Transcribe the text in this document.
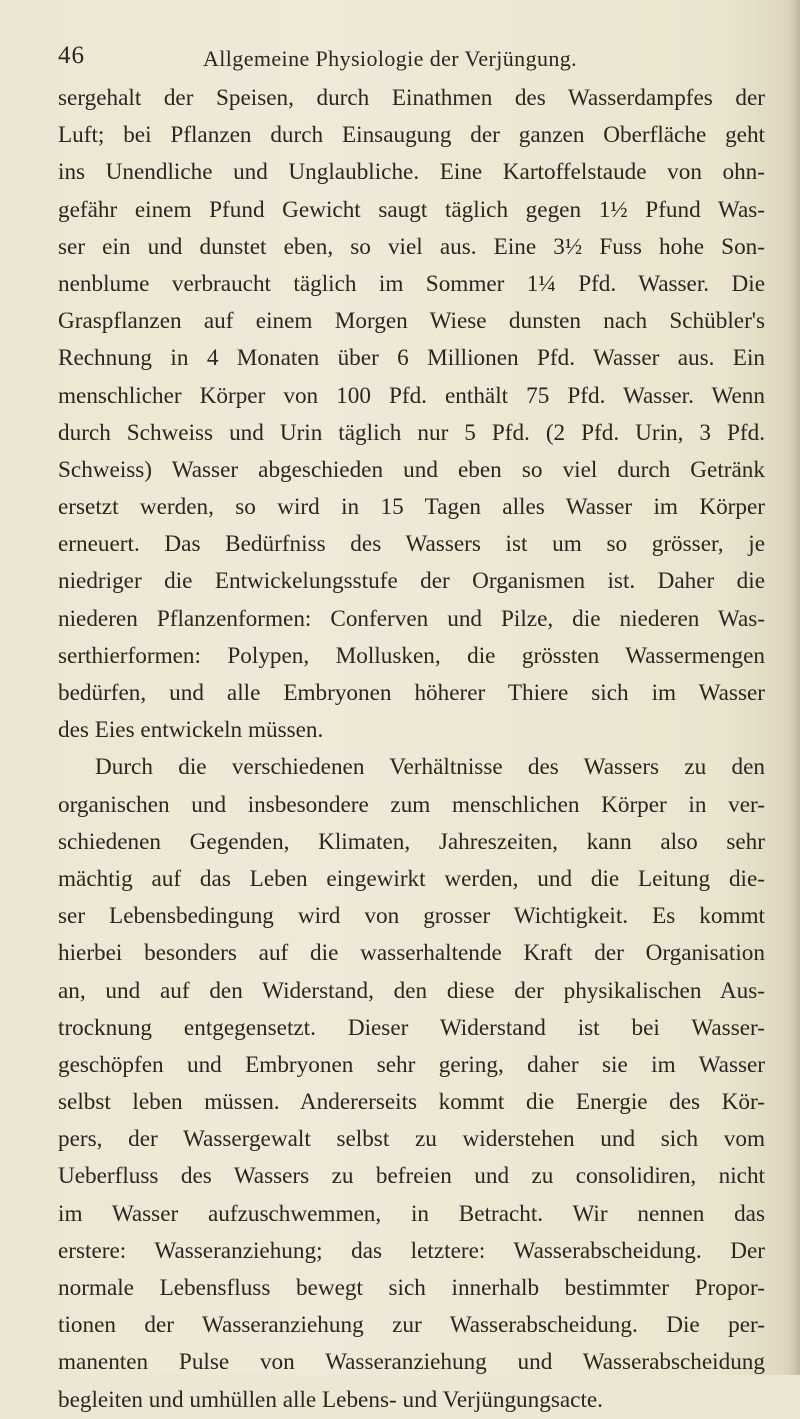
46	Allgemeine Physiologie der Verjüngung.
sergehalt der Speisen, durch Einathmen des Wasserdampfes der
Luft; bei Pflanzen durch Einsaugung der ganzen Oberfläche geht
ins Unendliche und Unglaubliche. Eine Kartoffelstaude von ohn-
gefähr einem Pfund Gewicht saugt täglich gegen 1½ Pfund Was-
ser ein und dunstet eben, so viel aus. Eine 3½ Fuss hohe Son-
nenblume verbraucht täglich im Sommer 1¼ Pfd. Wasser. Die
Graspflanzen auf einem Morgen Wiese dunsten nach Schübler's
Rechnung in 4 Monaten über 6 Millionen Pfd. Wasser aus. Ein
menschlicher Körper von 100 Pfd. enthält 75 Pfd. Wasser. Wenn
durch Schweiss und Urin täglich nur 5 Pfd. (2 Pfd. Urin, 3 Pfd.
Schweiss) Wasser abgeschieden und eben so viel durch Getränk
ersetzt werden, so wird in 15 Tagen alles Wasser im Körper
erneuert. Das Bedürfniss des Wassers ist um so grösser, je
niedriger die Entwickelungsstufe der Organismen ist. Daher die
niederen Pflanzenformen: Conferven und Pilze, die niederen Was-
serthierformen: Polypen, Mollusken, die grössten Wassermengen
bedürfen, und alle Embryonen höherer Thiere sich im Wasser
des Eies entwickeln müssen.
Durch die verschiedenen Verhältnisse des Wassers zu den
organischen und insbesondere zum menschlichen Körper in ver-
schiedenen Gegenden, Klimaten, Jahreszeiten, kann also sehr
mächtig auf das Leben eingewirkt werden, und die Leitung die-
ser Lebensbedingung wird von grosser Wichtigkeit. Es kommt
hierbei besonders auf die wasserhaltende Kraft der Organisation
an, und auf den Widerstand, den diese der physikalischen Aus-
trocknung entgegensetzt. Dieser Widerstand ist bei Wasser-
geschöpfen und Embryonen sehr gering, daher sie im Wasser
selbst leben müssen. Andererseits kommt die Energie des Kör-
pers, der Wassergewalt selbst zu widerstehen und sich vom
Ueberfluss des Wassers zu befreien und zu consolidiren, nicht
im Wasser aufzuschwemmen, in Betracht. Wir nennen das
erstere: Wasseranziehung; das letztere: Wasserabscheidung. Der
normale Lebensfluss bewegt sich innerhalb bestimmter Propor-
tionen der Wasseranziehung zur Wasserabscheidung. Die per-
manenten Pulse von Wasseranziehung und Wasserabscheidung
begleiten und umhüllen alle Lebens- und Verjüngungsacte.
